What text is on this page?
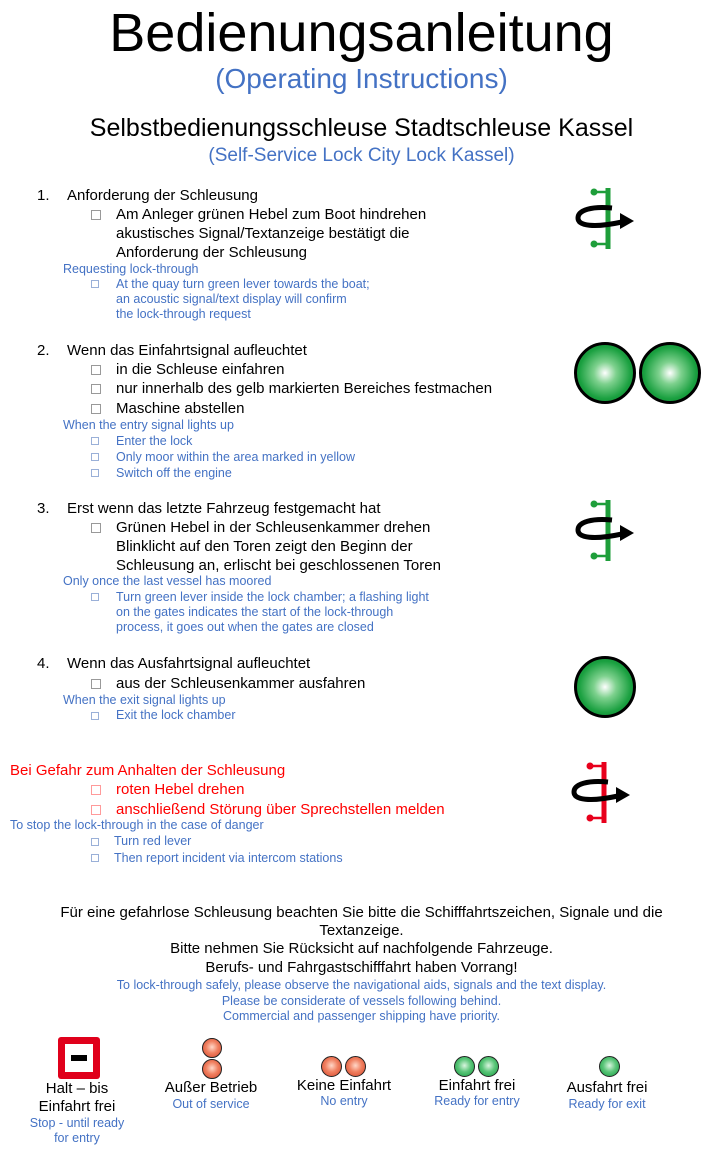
Bedienungsanleitung
(Operating Instructions)
Selbstbedienungsschleuse Stadtschleuse Kassel
(Self-Service Lock City Lock Kassel)
1. Anforderung der Schleusung
Am Anleger grünen Hebel zum Boot hindrehen
akustisches Signal/Textanzeige bestätigt die
Anforderung der Schleusung
Requesting lock-through
At the quay turn green lever towards the boat;
an acoustic signal/text display will confirm
the lock-through request
2. Wenn das Einfahrtsignal aufleuchtet
in die Schleuse einfahren
nur innerhalb des gelb markierten Bereiches festmachen
Maschine abstellen
When the entry signal lights up
Enter the lock
Only moor within the area marked in yellow
Switch off the engine
3. Erst wenn das letzte Fahrzeug festgemacht hat
Grünen Hebel in der Schleusenkammer drehen
Blinklicht auf den Toren zeigt den Beginn der
Schleusung an, erlischt bei geschlossenen Toren
Only once the last vessel has moored
Turn green lever inside the lock chamber; a flashing light
on the gates indicates the start of the lock-through
process, it goes out when the gates are closed
4. Wenn das Ausfahrtsignal aufleuchtet
aus der Schleusenkammer ausfahren
When the exit signal lights up
Exit the lock chamber
Bei Gefahr zum Anhalten der Schleusung
roten Hebel drehen
anschließend Störung über Sprechstellen melden
To stop the lock-through in the case of danger
Turn red lever
Then report incident via intercom stations
Für eine gefahrlose Schleusung beachten Sie bitte die Schifffahrtszeichen, Signale und die
Textanzeige.
Bitte nehmen Sie Rücksicht auf nachfolgende Fahrzeuge.
Berufs- und Fahrgastschifffahrt haben Vorrang!
To lock-through safely, please observe the navigational aids, signals and the text display.
Please be considerate of vessels following behind.
Commercial and passenger shipping have priority.
Halt – bis
Einfahrt frei
Stop - until ready
for entry
Außer Betrieb
Out of service
Keine Einfahrt
No entry
Einfahrt frei
Ready for entry
Ausfahrt frei
Ready for exit
